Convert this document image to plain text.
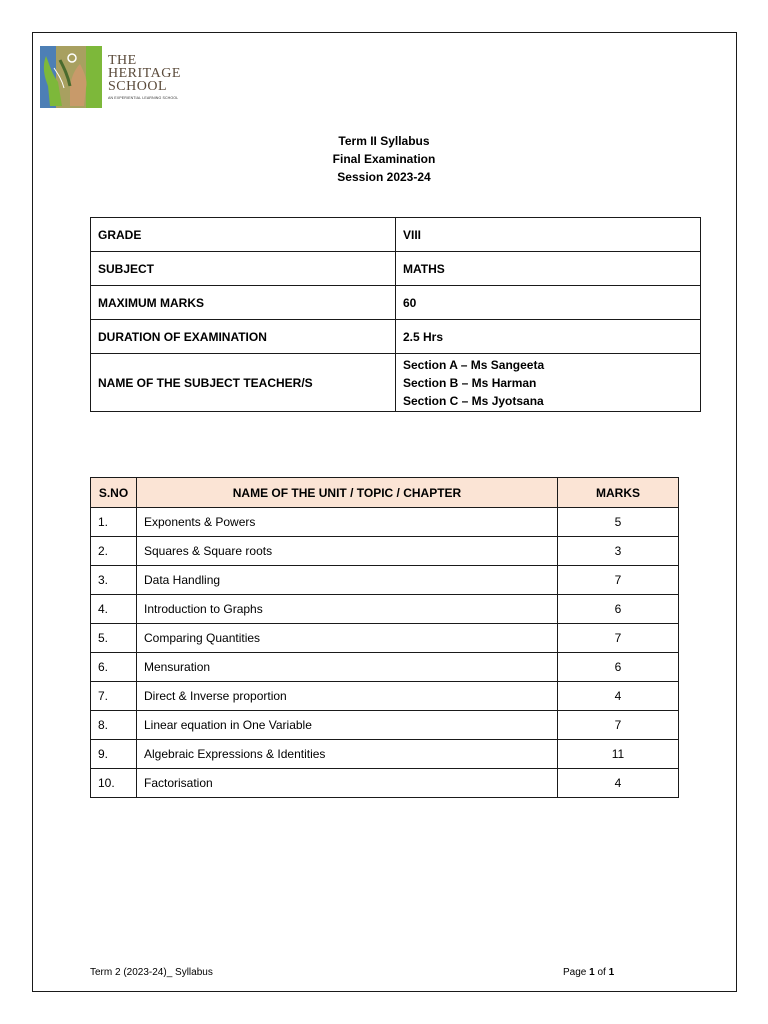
THE
HERITAGE
SCHOOL
AN EXPERIENTIAL LEARNING SCHOOL
Term II Syllabus
Final Examination
Session 2023-24
GRADE	VIII
SUBJECT	MATHS
MAXIMUM MARKS	60
DURATION OF EXAMINATION	2.5 Hrs
NAME OF THE SUBJECT TEACHER/S	Section A – Ms Sangeeta
Section B – Ms Harman
Section C – Ms Jyotsana
S.NO	NAME OF THE UNIT / TOPIC / CHAPTER	MARKS
1.	Exponents & Powers	5
2.	Squares & Square roots	3
3.	Data Handling	7
4.	Introduction to Graphs	6
5.	Comparing Quantities	7
6.	Mensuration	6
7.	Direct & Inverse proportion	4
8.	Linear equation in One Variable	7
9.	Algebraic Expressions & Identities	11
10.	Factorisation	4
Term 2 (2023-24)_ Syllabus	Page 1 of 1
